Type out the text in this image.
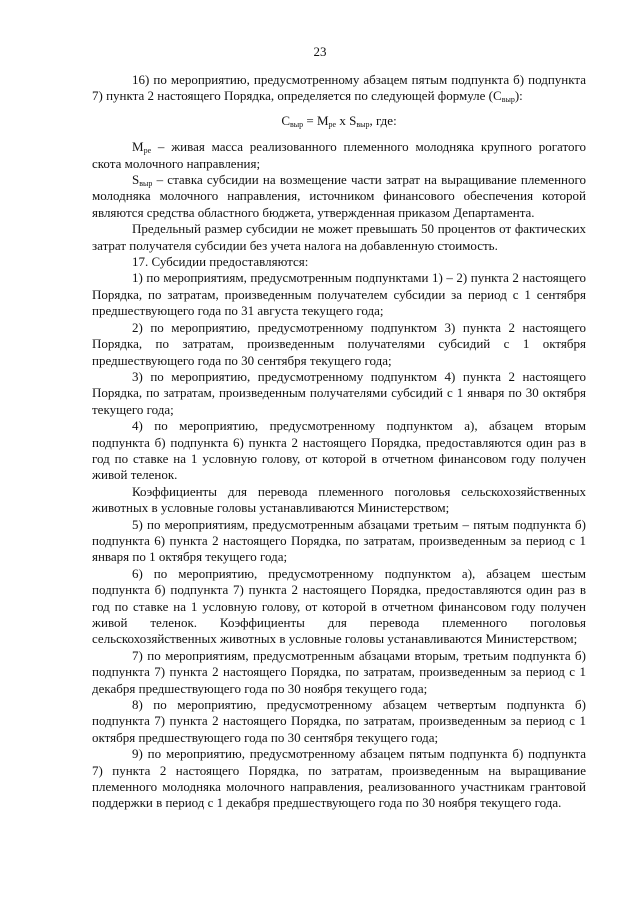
23

16) по мероприятию, предусмотренному абзацем пятым подпункта б) подпункта 7) пункта 2 настоящего Порядка, определяется по следующей формуле $(С_{выр})$:

$С_{выр} = М_{ре}$ х $S_{выр}$, где:

$М_{ре}$ – живая масса реализованного племенного молодняка крупного рогатого скота молочного направления;

$S_{выр}$ – ставка субсидии на возмещение части затрат на выращивание племенного молодняка молочного направления, источником финансового обеспечения которой являются средства областного бюджета, утвержденная приказом Департамента.

Предельный размер субсидии не может превышать 50 процентов от фактических затрат получателя субсидии без учета налога на добавленную стоимость.

17. Субсидии предоставляются:

1) по мероприятиям, предусмотренным подпунктами 1) – 2) пункта 2 настоящего Порядка, по затратам, произведенным получателем субсидии за период с 1 сентября предшествующего года по 31 августа текущего года;

2) по мероприятию, предусмотренному подпунктом 3) пункта 2 настоящего Порядка, по затратам, произведенным получателями субсидий с 1 октября предшествующего года по 30 сентября текущего года;

3) по мероприятию, предусмотренному подпунктом 4) пункта 2 настоящего Порядка, по затратам, произведенным получателями субсидий с 1 января по 30 октября текущего года;

4) по мероприятию, предусмотренному подпунктом а), абзацем вторым подпункта б) подпункта 6) пункта 2 настоящего Порядка, предоставляются один раз в год по ставке на 1 условную голову, от которой в отчетном финансовом году получен живой теленок.

Коэффициенты для перевода племенного поголовья сельскохозяйственных животных в условные головы устанавливаются Министерством;

5) по мероприятиям, предусмотренным абзацами третьим – пятым подпункта б) подпункта 6) пункта 2 настоящего Порядка, по затратам, произведенным за период с 1 января по 1 октября текущего года;

6) по мероприятию, предусмотренному подпунктом а), абзацем шестым подпункта б) подпункта 7) пункта 2 настоящего Порядка, предоставляются один раз в год по ставке на 1 условную голову, от которой в отчетном финансовом году получен живой теленок. Коэффициенты для перевода племенного поголовья сельскохозяйственных животных в условные головы устанавливаются Министерством;

7) по мероприятиям, предусмотренным абзацами вторым, третьим подпункта б) подпункта 7) пункта 2 настоящего Порядка, по затратам, произведенным за период с 1 декабря предшествующего года по 30 ноября текущего года;

8) по мероприятию, предусмотренному абзацем четвертым подпункта б) подпункта 7) пункта 2 настоящего Порядка, по затратам, произведенным за период с 1 октября предшествующего года по 30 сентября текущего года;

9) по мероприятию, предусмотренному абзацем пятым подпункта б) подпункта 7) пункта 2 настоящего Порядка, по затратам, произведенным на выращивание племенного молодняка молочного направления, реализованного участникам грантовой поддержки в период с 1 декабря предшествующего года по 30 ноября текущего года.
